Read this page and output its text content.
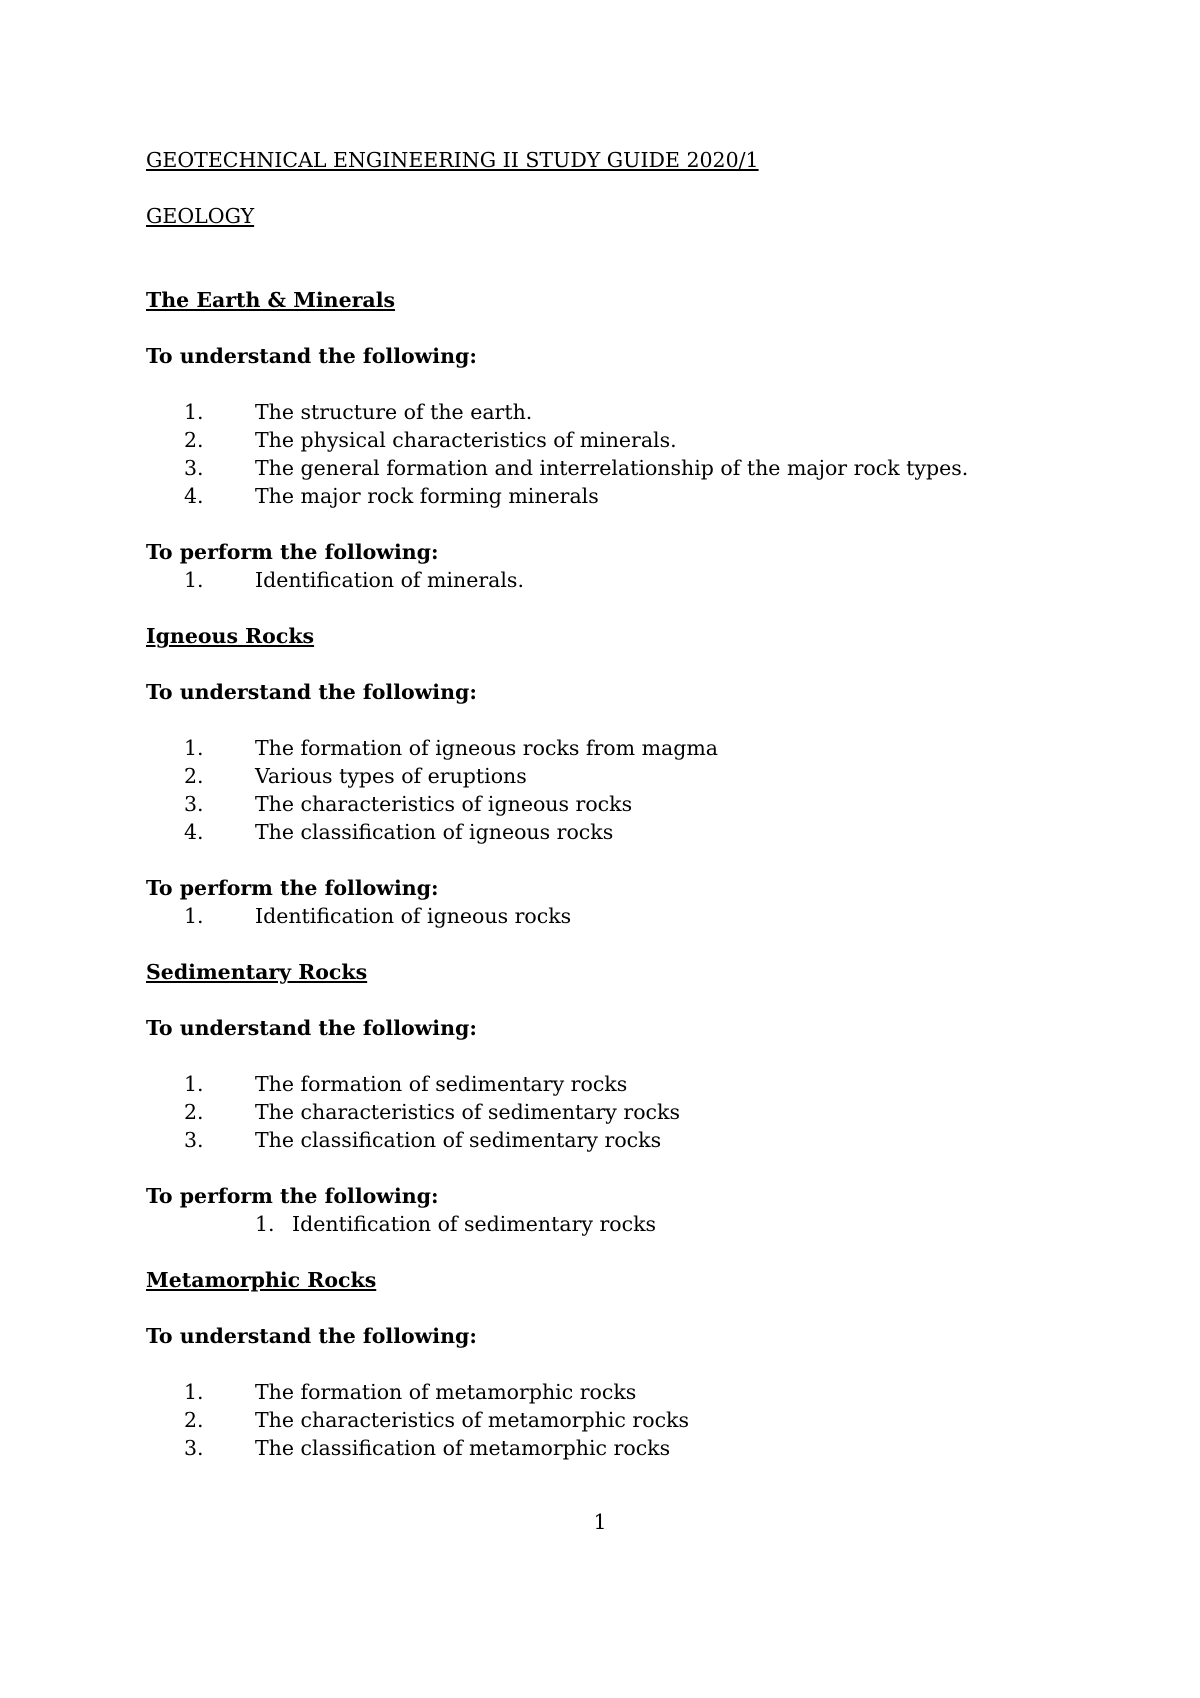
GEOTECHNICAL ENGINEERING II STUDY GUIDE 2020/1
GEOLOGY
The Earth & Minerals
To understand the following:
1.	The structure of the earth.
2.	The physical characteristics of minerals.
3.	The general formation and interrelationship of the major rock types.
4.	The major rock forming minerals
To perform the following:
1.	Identification of minerals.
Igneous Rocks
To understand the following:
1.	The formation of igneous rocks from magma
2.	Various types of eruptions
3.	The characteristics of igneous rocks
4.	The classification of igneous rocks
To perform the following:
1.	Identification of igneous rocks
Sedimentary Rocks
To understand the following:
1.	The formation of sedimentary rocks
2.	The characteristics of sedimentary rocks
3.	The classification of sedimentary rocks
To perform the following:
1. Identification of sedimentary rocks
Metamorphic Rocks
To understand the following:
1.	The formation of metamorphic rocks
2.	The characteristics of metamorphic rocks
3.	The classification of metamorphic rocks
1
